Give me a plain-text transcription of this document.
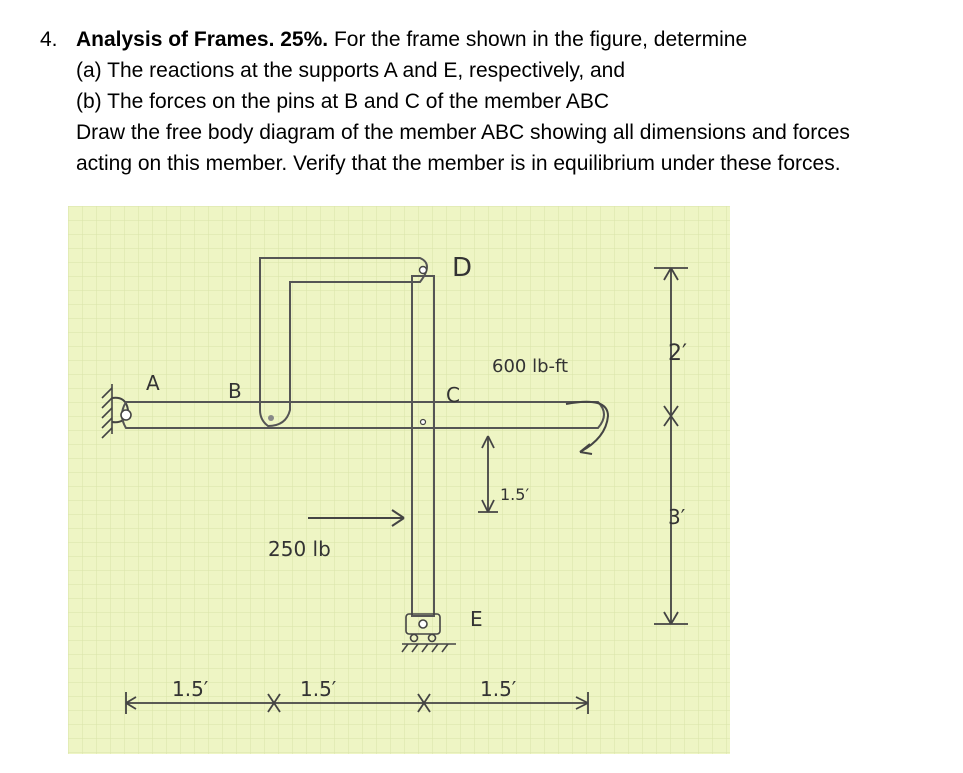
4. Analysis of Frames. 25%. For the frame shown in the figure, determine
(a) The reactions at the supports A and E, respectively, and
(b) The forces on the pins at B and C of the member ABC
Draw the free body diagram of the member ABC showing all dimensions and forces
acting on this member. Verify that the member is in equilibrium under these forces.
A	B	C
D
E
600 lb-ft
250 lb
1.5′
2′
3′
1.5′	1.5′	1.5′
